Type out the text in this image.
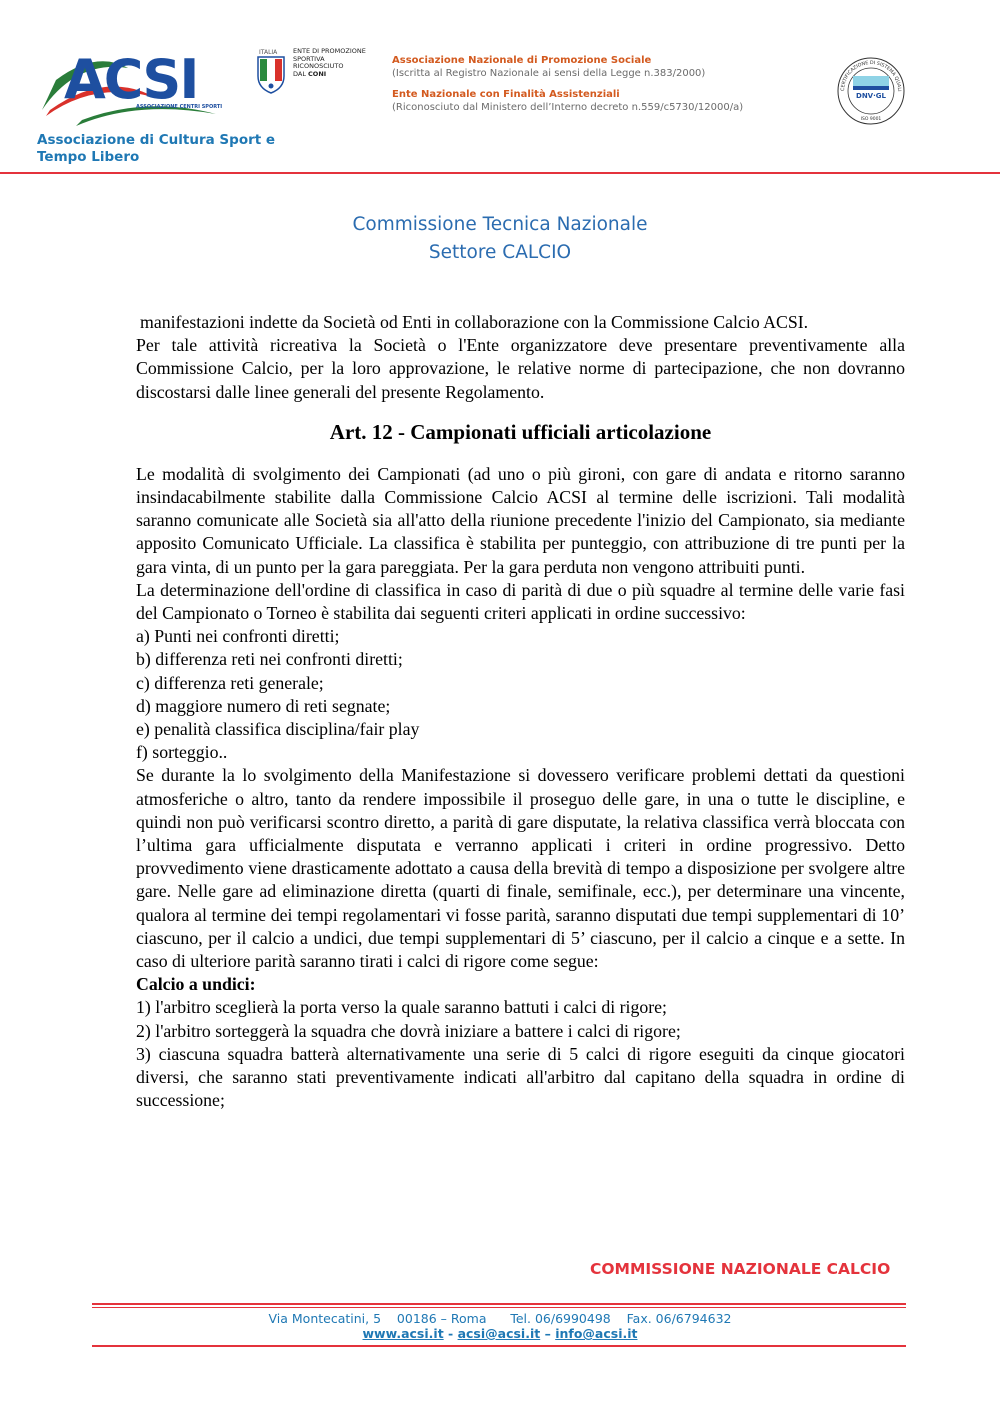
ACSI
ASSOCIAZIONE CENTRI SPORTI
Associazione di Cultura Sport e
Tempo Libero
ITALIA ENTE DI PROMOZIONE
SPORTIVA
RICONOSCIUTO
DAL CONI
Associazione Nazionale di Promozione Sociale
(Iscritta al Registro Nazionale ai sensi della Legge n.383/2000)
Ente Nazionale con Finalità Assistenziali
(Riconosciuto dal Ministero dell’Interno decreto n.559/c5730/12000/a)
CERTIFICAZIONE DI SISTEMA QUALI
DNV·GL
ISO 9001
Commissione Tecnica Nazionale
Settore CALCIO

manifestazioni indette da Società od Enti in collaborazione con la Commissione Calcio ACSI.

Per tale attività ricreativa la Società o l'Ente organizzatore deve presentare preventivamente alla Commissione Calcio, per la loro approvazione, le relative norme di partecipazione, che non dovranno discostarsi dalle linee generali del presente Regolamento.

Art. 12 - Campionati ufficiali articolazione

Le modalità di svolgimento dei Campionati (ad uno o più gironi, con gare di andata e ritorno saranno insindacabilmente stabilite dalla Commissione Calcio ACSI al termine delle iscrizioni. Tali modalità saranno comunicate alle Società sia all'atto della riunione precedente l'inizio del Campionato, sia mediante apposito Comunicato Ufficiale. La classifica è stabilita per punteggio, con attribuzione di tre punti per la gara vinta, di un punto per la gara pareggiata. Per la gara perduta non vengono attribuiti punti.

La determinazione dell'ordine di classifica in caso di parità di due o più squadre al termine delle varie fasi del Campionato o Torneo è stabilita dai seguenti criteri applicati in ordine successivo:

a) Punti nei confronti diretti;

b) differenza reti nei confronti diretti;

c) differenza reti generale;

d) maggiore numero di reti segnate;

e) penalità classifica disciplina/fair play

f) sorteggio..

Se durante la lo svolgimento della Manifestazione si dovessero verificare problemi dettati da questioni atmosferiche o altro, tanto da rendere impossibile il proseguo delle gare, in una o tutte le discipline, e quindi non può verificarsi scontro diretto, a parità di gare disputate, la relativa classifica verrà bloccata con l’ultima gara ufficialmente disputata e verranno applicati i criteri in ordine progressivo. Detto provvedimento viene drasticamente adottato a causa della brevità di tempo a disposizione per svolgere altre gare. Nelle gare ad eliminazione diretta (quarti di finale, semifinale, ecc.), per determinare una vincente, qualora al termine dei tempi regolamentari vi fosse parità, saranno disputati due tempi supplementari di 10’ ciascuno, per il calcio a undici, due tempi supplementari di 5’ ciascuno, per il calcio a cinque e a sette. In caso di ulteriore parità saranno tirati i calci di rigore come segue:

Calcio a undici:

1) l'arbitro sceglierà la porta verso la quale saranno battuti i calci di rigore;

2) l'arbitro sorteggerà la squadra che dovrà iniziare a battere i calci di rigore;

3) ciascuna squadra batterà alternativamente una serie di 5 calci di rigore eseguiti da cinque giocatori diversi, che saranno stati preventivamente indicati all'arbitro dal capitano della squadra in ordine di successione;

COMMISSIONE NAZIONALE CALCIO
Via Montecatini, 5    00186 – Roma      Tel. 06/6990498    Fax. 06/6794632
www.acsi.it - acsi@acsi.it – info@acsi.it
